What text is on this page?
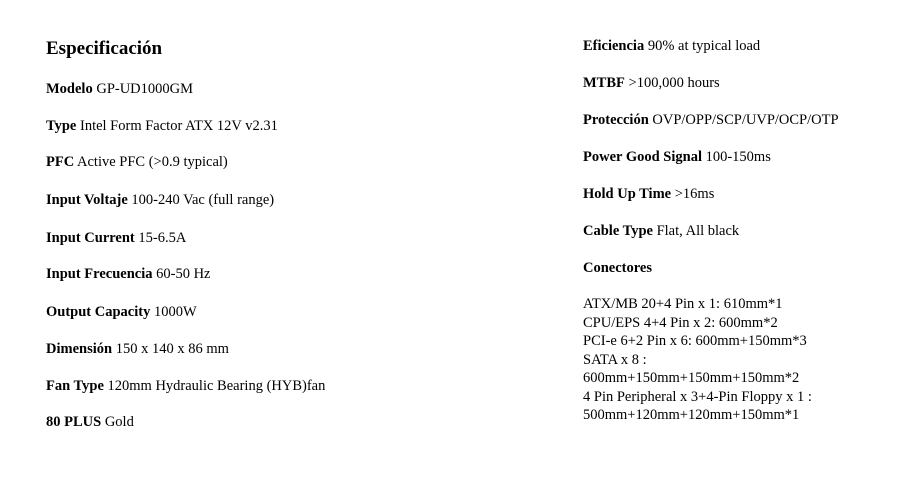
Especificación
Modelo GP-UD1000GM
Type Intel Form Factor ATX 12V v2.31
PFC Active PFC (>0.9 typical)
Input Voltaje 100-240 Vac (full range)
Input Current 15-6.5A
Input Frecuencia 60-50 Hz
Output Capacity 1000W
Dimensión 150 x 140 x 86 mm
Fan Type 120mm Hydraulic Bearing (HYB)fan
80 PLUS Gold
Eficiencia 90% at typical load
MTBF >100,000 hours
Protección OVP/OPP/SCP/UVP/OCP/OTP
Power Good Signal 100-150ms
Hold Up Time >16ms
Cable Type Flat, All black
Conectores
ATX/MB 20+4 Pin x 1: 610mm*1
CPU/EPS 4+4 Pin x 2: 600mm*2
PCI-e 6+2 Pin x 6: 600mm+150mm*3
SATA x 8 :
600mm+150mm+150mm+150mm*2
4 Pin Peripheral x 3+4-Pin Floppy x 1 :
500mm+120mm+120mm+150mm*1
